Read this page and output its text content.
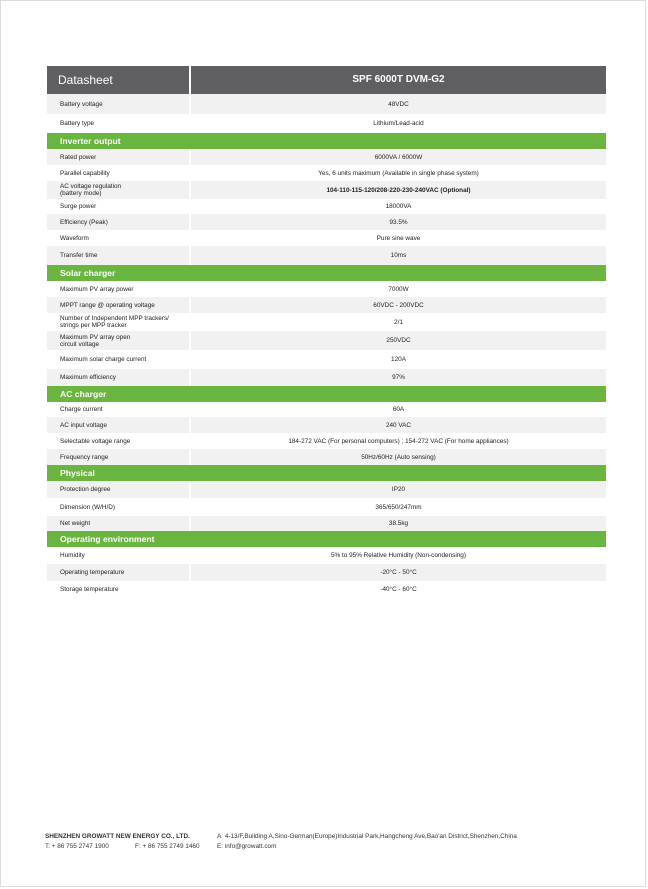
Datasheet	SPF 6000T DVM-G2
Battery voltage	48VDC
Battery type	Lithium/Lead-acid
Inverter output
Rated power	6000VA / 6000W
Parallel capability	Yes, 6 units maximum (Available in single phase system)
AC voltage regulation
(battery mode)	104-110-115-120/208-220-230-240VAC (Optional)
Surge power	18000VA
Efficiency (Peak)	93.5%
Waveform	Pure sine wave
Transfer time	10ms
Solar charger
Maximum PV array power	7000W
MPPT range @ operating voltage	60VDC - 200VDC
Number of Independent MPP trackers/
strings per MPP tracker	2/1
Maximum PV array open
circuit voltage	250VDC
Maximum solar charge current	120A
Maximum efficiency	97%
AC charger
Charge current	60A
AC input voltage	240 VAC
Selectable voltage range	184-272 VAC (For personal computers) ; 154-272 VAC (For home appliances)
Frequency range	50Hz/60Hz (Auto sensing)
Physical
Protection degree	IP20
Dimension (W/H/D)	365/650/247mm
Net weight	38.5kg
Operating environment
Humidity	5% to 95% Relative Humidity (Non-condensing)
Operating temperature	-20°C - 50°C
Storage temperature	-40°C - 60°C
SHENZHEN GROWATT NEW ENERGY CO., LTD.
T: + 86 755 2747 1900	F: + 86 755 2749 1460
A: 4-13/F,Building A,Sino-German(Europe)Industrial Park,Hangcheng Ave,Bao'an District,Shenzhen,China
E: info@growatt.com
